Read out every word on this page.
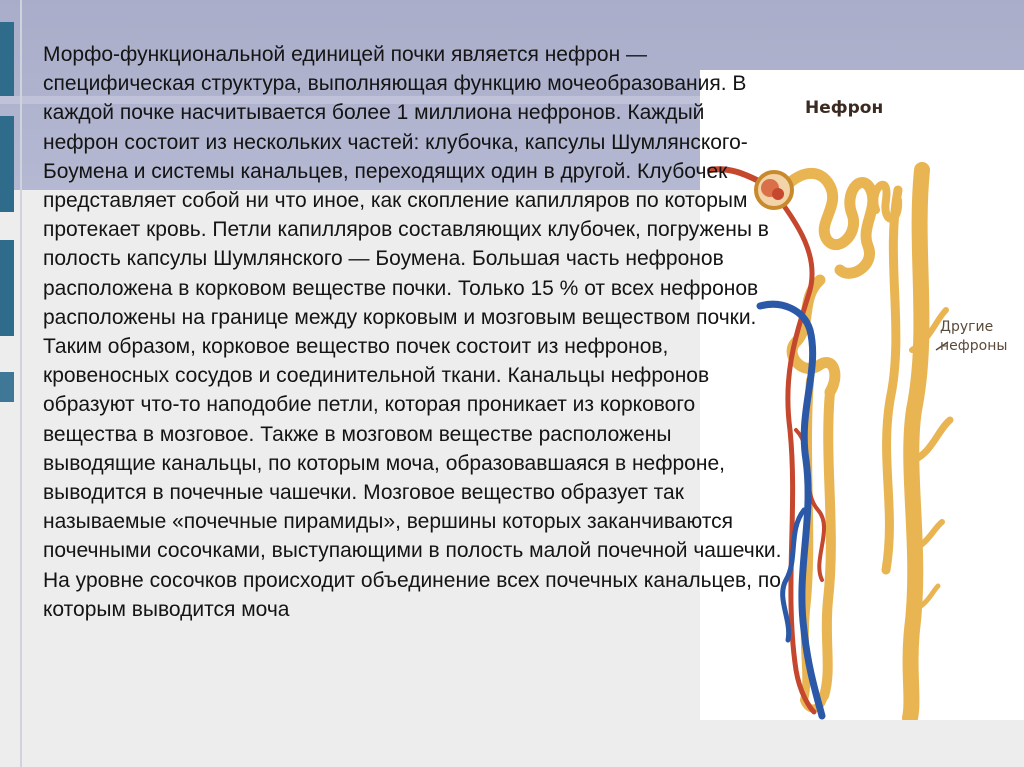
Нефрон
Другие нефроны

Морфо-функциональной единицей почки является нефрон — специфическая структура, выполняющая функцию мочеобразования. В каждой почке насчитывается более 1 миллиона нефронов. Каждый нефрон состоит из нескольких частей: клубочка, капсулы Шумлянского-Боумена и системы канальцев, переходящих один в другой. Клубочек представляет собой ни что иное, как скопление капилляров по которым протекает кровь. Петли капилляров составляющих клубочек, погружены в полость капсулы Шумлянского — Боумена. Большая часть нефронов расположена в корковом веществе почки. Только 15 % от всех нефронов расположены на границе между корковым и мозговым веществом почки. Таким образом, корковое вещество почек состоит из нефронов, кровеносных сосудов и соединительной ткани. Канальцы нефронов образуют что-то наподобие петли, которая проникает из коркового вещества в мозговое. Также в мозговом веществе расположены выводящие канальцы, по которым моча, образовавшаяся в нефроне, выводится в почечные чашечки. Мозговое вещество образует так называемые «почечные пирамиды», вершины которых заканчиваются почечными сосочками, выступающими в полость малой почечной чашечки. На уровне сосочков происходит объединение всех почечных канальцев, по которым выводится моча
